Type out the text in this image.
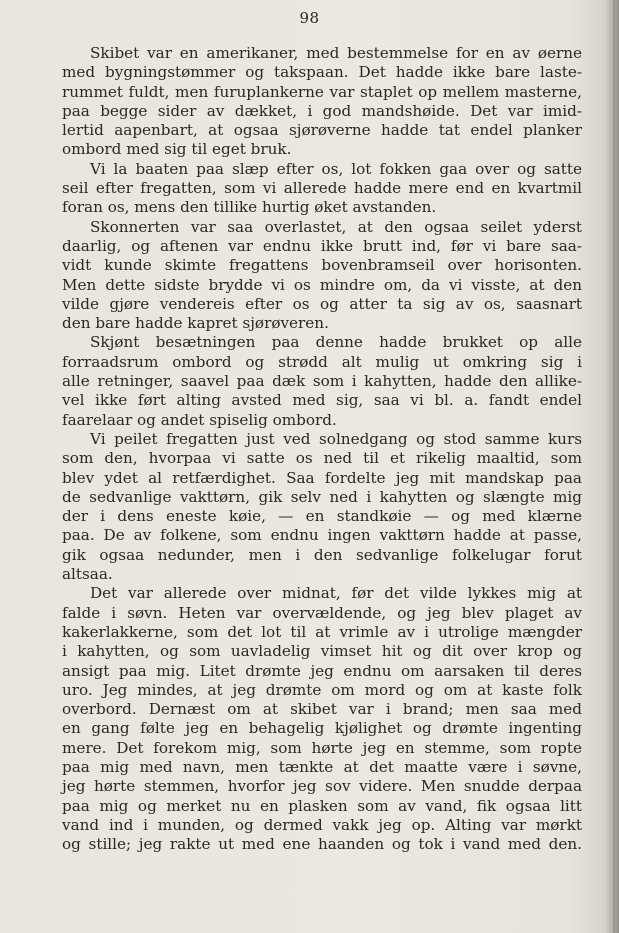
98
Skibet var en amerikaner, med bestemmelse for en av øerne
med bygningstømmer og takspaan. Det hadde ikke bare laste-
rummet fuldt, men furuplankerne var staplet op mellem masterne,
paa begge sider av dækket, i god mandshøide. Det var imid-
lertid aapenbart, at ogsaa sjørøverne hadde tat endel planker
ombord med sig til eget bruk.
Vi la baaten paa slæp efter os, lot fokken gaa over og satte
seil efter fregatten, som vi allerede hadde mere end en kvartmil
foran os, mens den tillike hurtig øket avstanden.
Skonnerten var saa overlastet, at den ogsaa seilet yderst
daarlig, og aftenen var endnu ikke brutt ind, før vi bare saa-
vidt kunde skimte fregattens bovenbramseil over horisonten.
Men dette sidste brydde vi os mindre om, da vi visste, at den
vilde gjøre vendereis efter os og atter ta sig av os, saasnart
den bare hadde kapret sjørøveren.
Skjønt besætningen paa denne hadde brukket op alle
forraadsrum ombord og strødd alt mulig ut omkring sig i
alle retninger, saavel paa dæk som i kahytten, hadde den allike-
vel ikke ført alting avsted med sig, saa vi bl. a. fandt endel
faarelaar og andet spiselig ombord.
Vi peilet fregatten just ved solnedgang og stod samme kurs
som den, hvorpaa vi satte os ned til et rikelig maaltid, som
blev ydet al retfærdighet. Saa fordelte jeg mit mandskap paa
de sedvanlige vakttørn, gik selv ned i kahytten og slængte mig
der i dens eneste køie, — en standkøie — og med klærne
paa. De av folkene, som endnu ingen vakttørn hadde at passe,
gik ogsaa nedunder, men i den sedvanlige folkelugar forut
altsaa.
Det var allerede over midnat, før det vilde lykkes mig at
falde i søvn. Heten var overvældende, og jeg blev plaget av
kakerlakkerne, som det lot til at vrimle av i utrolige mængder
i kahytten, og som uavladelig vimset hit og dit over krop og
ansigt paa mig. Litet drømte jeg endnu om aarsaken til deres
uro. Jeg mindes, at jeg drømte om mord og om at kaste folk
overbord. Dernæst om at skibet var i brand; men saa med
en gang følte jeg en behagelig kjølighet og drømte ingenting
mere. Det forekom mig, som hørte jeg en stemme, som ropte
paa mig med navn, men tænkte at det maatte være i søvne,
jeg hørte stemmen, hvorfor jeg sov videre. Men snudde derpaa
paa mig og merket nu en plasken som av vand, fik ogsaa litt
vand ind i munden, og dermed vakk jeg op. Alting var mørkt
og stille; jeg rakte ut med ene haanden og tok i vand med den.
